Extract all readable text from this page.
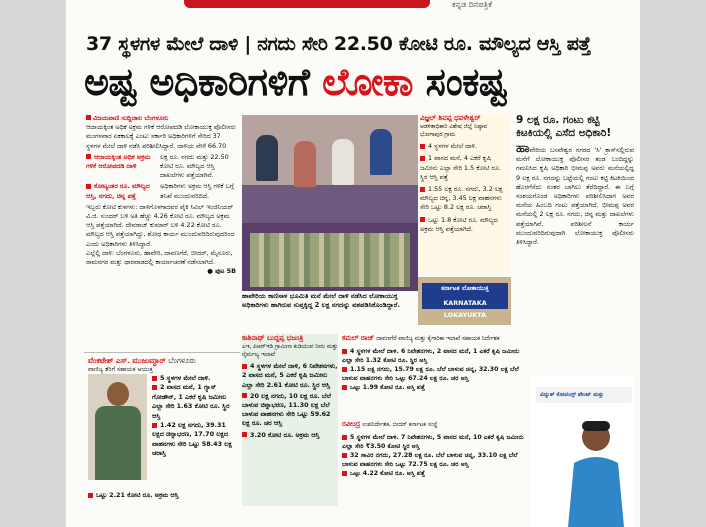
ಕನ್ನಡ ದಿನಪತ್ರಿಕೆ
37 ಸ್ಥಳಗಳ ಮೇಲೆ ದಾಳಿ | ನಗದು ಸೇರಿ 22.50 ಕೋಟಿ ರೂ. ಮೌಲ್ಯದ ಆಸ್ತಿ ಪತ್ತೆ
ಅಷ್ಟ ಅಧಿಕಾರಿಗಳಿಗೆ ಲೋಕಾ ಸಂಕಷ್ಟ
ವಿಜಯವಾಣಿ ಸುದ್ದಿಜಾಲ ಬೆಂಗಳೂರು
ಆದಾಯಕ್ಕಿಂತ ಅಧಿಕ ಅಕ್ರಮ ಗಳಿಕೆ ಆರೋಪದಡಿ ಲೋಕಾಯುಕ್ತ ಪೊಲೀಸರು ಮಂಗಳವಾರ ಏಕಕಾಲಕ್ಕೆ ಎಂಟು ಸರ್ಕಾರಿ ಅಧಿಕಾರಿಗಳಿಗೆ ಸೇರಿದ 37 ಸ್ಥಳಗಳ ಮೇಲೆ ದಾಳಿ ನಡೆಸಿ ಪರಿಶೀಲಿಸಿದ್ದಾರೆ. ದಾಳಿಯ ವೇಳೆ 66.70
ಆದಾಯಕ್ಕಿಂತ ಅಧಿಕ ಅಕ್ರಮ ಗಳಿಕೆ ಆರೋಪದಡಿ ದಾಳಿ
ಲಕ್ಷ ರೂ. ನಗದು ಮತ್ತು 22.50 ಕೋಟಿ ರೂ. ಮೌಲ್ಯದ ಆಸ್ತಿ ದಾಖಲೆಗಳು ಪತ್ತೆಯಾಗಿವೆ.
ಕೋಟ್ಯಂತರ ರೂ. ಮೌಲ್ಯದ ಆಸ್ತಿ, ನಗದು, ಚಿನ್ನ ಪತ್ತೆ
ಅಧಿಕಾರಿಗಳು ಅಕ್ರಮ ಆಸ್ತಿ ಗಳಿಕೆ ಬಗ್ಗೆ ತನಿಖೆ ಮುಂದುವರಿದಿದೆ.
ಇಬ್ಬರು ಕೋಟಿ ಕುಳಗಳು: ದಾಳಿಗೊಳಗಾದವರ ಪೈಕಿ ಸಿವಿಲ್ ಇಂಜಿನಿಯರ್ ವಿ.ಜಿ. ಸುಂದರ್ ಬಳಿ ಅತಿ ಹೆಚ್ಚು 4.26 ಕೋಟಿ ರೂ. ಮೌಲ್ಯದ ಅಕ್ರಮ ಆಸ್ತಿ ಪತ್ತೆಯಾಗಿದೆ. ದೇವರಾಜ್ ಕುಮಾರ್ ಬಳಿ 4.22 ಕೋಟಿ ರೂ. ಮೌಲ್ಯದ ಆಸ್ತಿ ಪತ್ತೆಯಾಗಿದ್ದು, ಶೋಧ ಕಾರ್ಯ ಮುಂದುವರಿದಿರುವುದರಿಂದ ಎಂದು ಅಧಿಕಾರಿಗಳು ತಿಳಿಸಿದ್ದಾರೆ.
ಎಲ್ಲೆಲ್ಲಿ ದಾಳಿ: ಬೆಂಗಳೂರು, ಹಾವೇರಿ, ದಾವಣಗೆರೆ, ಬೀದರ್, ಮೈಸೂರು, ರಾಮನಗರ ಮತ್ತು ಧಾರವಾಡದಲ್ಲಿ ಕಾರ್ಯಾಚರಣೆ ನಡೆಸಲಾಗಿದೆ.
● ಪುಟ 5B
ಹಾವೇರಿಯ ಕಾಣಿಸಾಳ ಭೂಮಿತಿ ಮನೆ ಮೇಲೆ ದಾಳಿ ನಡೆಸಿದ ಲೋಕಾಯುಕ್ತ ಅಧಿಕಾರಿಗಳು ಹಾಗಿರುವ ಸುಪ್ತಕ್ಕಿದ್ದ 2 ಲಕ್ಷ ನಗದನ್ನು ವಶಪಡಿಸಿಕೊಂಡಿದ್ದಾರೆ.
ವಿಜ್ಞಲ್ ಶಿವಪ್ಪ ಧವಳೇಶ್ವರ್
ಆಡಳಿತಾಧಿಕಾರಿ ವಿಶೇಷ ಜಿಲ್ಲೆ ನಿಷ್ಠಾವ ಭೋಗಾಪುರ ಗ್ರಾಮ
4 ಸ್ಥಳಗಳ ಮೇಲೆ ದಾಳಿ.
1 ವಾಸದ ಮನೆ, 4 ಎಕರೆ ಕೃಷಿ ಜಮೀನು ಎಲ್ಲಾ ಸೇರಿ 1.5 ಕೋಟಿ ರೂ. ಸ್ಥಿರ ಆಸ್ತಿ ಪತ್ತೆ
1.55 ಲಕ್ಷ ರೂ. ನಗದು, 3.2 ಲಕ್ಷ ಮೌಲ್ಯದ ಚಿನ್ನ, 3.45 ಲಕ್ಷ ವಾಹನಗಳು ಸೇರಿ ಒಟ್ಟು 8.2 ಲಕ್ಷ ರೂ. ಚರಾಸ್ತಿ
ಒಟ್ಟು 1.8 ಕೋಟಿ ರೂ. ಮೌಲ್ಯದ ಅಕ್ರಮ ಆಸ್ತಿ ಪತ್ತೆಯಾಗಿದೆ.
ಕರ್ನಾಟಕ ಲೋಕಾಯುಕ್ತ
KARNATAKA LOKAYUKTA
9 ಲಕ್ಷ ರೂ. ಗಂಟು ಕಟ್ಟಿ ಕಿಟಕಿಯಲ್ಲಿ ಎಸೆದ ಅಧಿಕಾರಿ!
ಹಾವೇರಿಯ ಬಸವೇಶ್ವರ ನಗರದ 'ಸಿ' ಕ್ರಾಸ್‌ನಲ್ಲಿರುವ ಮನೆಗೆ ಲೋಕಾಯುಕ್ತ ಪೊಲೀಸರ ತಂಡ ಬಂದಿದ್ದನ್ನು ಗಮನಿಸಿದ ಕೃಷಿ ಅಧಿಕಾರಿ ಭೀಮಪ್ಪ ಅವರು ಮನೆಯಲ್ಲಿದ್ದ 9 ಲಕ್ಷ ರೂ. ನಗದನ್ನು ಬಟ್ಟೆಯಲ್ಲಿ ಗಂಟು ಕಟ್ಟಿ ಕಿಟಕಿಯಿಂದ ಹೊರಗೆಸೆದು ನಂತರ ಬಾಗಿಲು ತೆರೆದಿದ್ದಾರೆ. ಈ ಬಗ್ಗೆ ಸಂಶಯಗೊಂಡ ಅಧಿಕಾರಿಗಳು ಪರಿಶೀಲಿಸಿದಾಗ ಅವರ ಮನೆಯ ಹಿಂಬದಿ ಗಂಟು ಪತ್ತೆಯಾಗಿದೆ. ಭೀಮಪ್ಪ ಅವರ ಮನೆಯಲ್ಲಿ 2 ಲಕ್ಷ ರೂ. ನಗದು, ಚಿನ್ನ ಮತ್ತು ದಾಖಲೆಗಳು ಪತ್ತೆಯಾಗಿವೆ. ಪರಿಶೀಲನೆ ಕಾರ್ಯ ಮುಂದುವರಿದಿರುವುದಾಗಿ ಲೋಕಾಯುಕ್ತ ಪೊಲೀಸರು ತಿಳಿಸಿದ್ದಾರೆ.
ವೆಂಕಟೇಶ್ ಎಸ್. ಮುಜುಮ್ದಾರ್ ಬೆಂಗಳೂರು
ವಾಣಿಜ್ಯ ತೆರಿಗೆ ಸಹಾಯಕ ಆಯುಕ್ತ
5 ಸ್ಥಳಗಳ ಮೇಲೆ ದಾಳಿ.
2 ವಾಸದ ಮನೆ, 1 ಗ್ಯಾಸ್ ಗೋಡೌನ್, 1 ಎಕರೆ ಕೃಷಿ ಜಮೀನು ಎಲ್ಲಾ ಸೇರಿ 1.63 ಕೋಟಿ ರೂ. ಸ್ಥಿರ ಆಸ್ತಿ
1.42 ಲಕ್ಷ ನಗದು, 39.31 ಲಕ್ಷದ ಚಿನ್ನಾಭರಣ, 17.70 ಲಕ್ಷದ ವಾಹನಗಳು ಸೇರಿ ಒಟ್ಟು 58.43 ಲಕ್ಷ ಚರಾಸ್ತಿ
ಒಟ್ಟು 2.21 ಕೋಟಿ ರೂ. ಅಕ್ರಮ ಆಸ್ತಿ
ಕಾಶಿನಾಥ್ ಬುದ್ದಪ್ಪ ಭಜಂತ್ರಿ
ಎಇ, ಪಿಆರ್‌ಇಡಿ ಗ್ರಾಮೀಣ ಕುಡಿಯುವ ನೀರು ಮತ್ತು ನೈರ್ಮಲ್ಯ ಇಲಾಖೆ
4 ಸ್ಥಳಗಳ ಮೇಲೆ ದಾಳಿ, 6 ನಿವೇಶನಗಳು, 2 ವಾಸದ ಮನೆ, 5 ಎಕರೆ ಕೃಷಿ ಜಮೀನು ಎಲ್ಲಾ ಸೇರಿ 2.61 ಕೋಟಿ ರೂ. ಸ್ಥಿರ ಆಸ್ತಿ
20 ಲಕ್ಷ ನಗದು, 10 ಲಕ್ಷ ರೂ. ಬೆಲೆ ಬಾಳುವ ಚಿನ್ನಾಭರಣ, 11.30 ಲಕ್ಷ ಬೆಲೆ ಬಾಳುವ ವಾಹನಗಳು ಸೇರಿ ಒಟ್ಟು 59.62 ಲಕ್ಷ ರೂ. ಚರ ಆಸ್ತಿ
3.20 ಕೋಟಿ ರೂ. ಅಕ್ರಮ ಆಸ್ತಿ
ಕಮಲ್ ರಾಜ್ ದಾವಣಗೆರೆ ವಾಣಿಜ್ಯ ಮತ್ತು ಕೈಗಾರಿಕಾ ಇಲಾಖೆ ಸಹಾಯಕ ನಿರ್ದೇಶಕ
4 ಸ್ಥಳಗಳ ಮೇಲೆ ದಾಳಿ. 6 ನಿವೇಶನಗಳು, 2 ವಾಸದ ಮನೆ, 1 ಎಕರೆ ಕೃಷಿ ಜಮೀನು ಎಲ್ಲಾ ಸೇರಿ 1.32 ಕೋಟಿ ರೂ. ಸ್ಥಿರ ಆಸ್ತಿ
1.15 ಲಕ್ಷ ನಗದು, 15.79 ಲಕ್ಷ ರೂ. ಬೆಲೆ ಬಾಳುವ ಚಿನ್ನ, 32.30 ಲಕ್ಷ ಬೆಲೆ ಬಾಳುವ ವಾಹನಗಳು ಸೇರಿ ಒಟ್ಟು 67.24 ಲಕ್ಷ ರೂ. ಚರ ಆಸ್ತಿ
ಒಟ್ಟು 1.99 ಕೋಟಿ ರೂ. ಆಸ್ತಿ ಪತ್ತೆ
ರವೀಂದ್ರ ಉಪನಿರ್ದೇಶಕ, ಬೀದರ್ ಕರ್ನಾಟಕ ಸಂಸ್ಥೆ
5 ಸ್ಥಳಗಳ ಮೇಲೆ ದಾಳಿ. 7 ನಿವೇಶನಗಳು, 5 ವಾಸದ ಮನೆ, 10 ಎಕರೆ ಕೃಷಿ ಜಮೀನು ಎಲ್ಲಾ ಸೇರಿ ₹3.50 ಕೋಟಿ ಸ್ಥಿರ ಆಸ್ತಿ
32 ಸಾವಿರ ನಗದು, 27.28 ಲಕ್ಷ ರೂ. ಬೆಲೆ ಬಾಳುವ ಚಿನ್ನ, 33.10 ಲಕ್ಷ ಬೆಲೆ ಬಾಳುವ ವಾಹನಗಳು ಸೇರಿ ಒಟ್ಟು 72.75 ಲಕ್ಷ ರೂ. ಚರ ಆಸ್ತಿ
ಒಟ್ಟು 4.22 ಕೋಟಿ ರೂ. ಆಸ್ತಿ ಪತ್ತೆ
ವಿದ್ಯುತ್ ಕೋಟಿಂಗ್ಸ್ ಪೇಂಟ್ ಮತ್ತು
